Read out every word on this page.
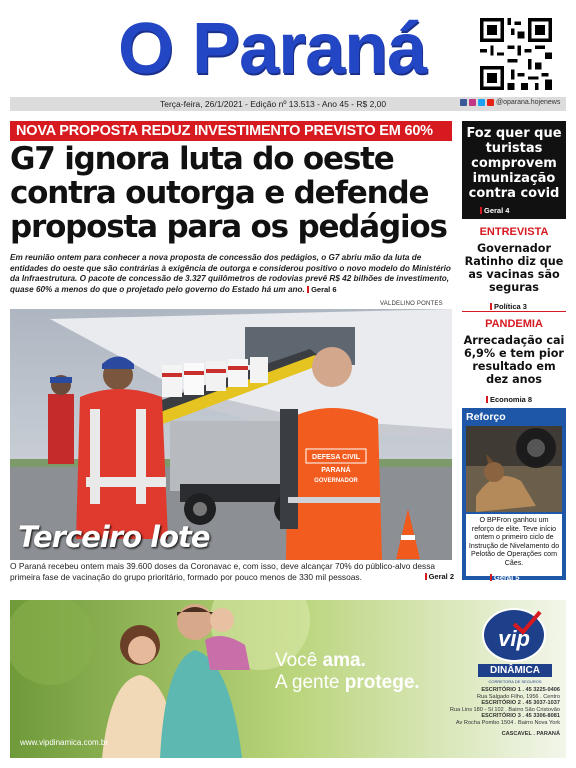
O Paraná
Terça-feira, 26/1/2021 - Edição nº 13.513 - Ano 45 - R$ 2,00	@oparana.hojenews
NOVA PROPOSTA REDUZ INVESTIMENTO PREVISTO EM 60%
G7 ignora luta do oeste contra outorga e defende proposta para os pedágios
Em reunião ontem para conhecer a nova proposta de concessão dos pedágios, o G7 abriu mão da luta de entidades do oeste que são contrárias à exigência de outorga e considerou positivo o novo modelo do Ministério da Infraestrutura. O pacote de concessão de 3.327 quilômetros de rodovias prevê R$ 42 bilhões de investimento, quase 60% a menos do que o projetado pelo governo do Estado há um ano. Geral 6
VALDELINO PONTES
DEFESA CIVIL
PARANÁ
GOVERNADOR
Terceiro lote
O Paraná recebeu ontem mais 39.600 doses da Coronavac e, com isso, deve alcançar 70% do público-alvo dessa primeira fase de vacinação do grupo prioritário, formado por pouco menos de 330 mil pessoas.	Geral 2
Foz quer que turistas comprovem imunização contra covid
Geral 4
ENTREVISTA
Governador Ratinho diz que as vacinas são seguras
Política 3
PANDEMIA
Arrecadação cai 6,9% e tem pior resultado em dez anos
Economia 8
Reforço
O BPFron ganhou um reforço de elite. Teve início ontem o primeiro ciclo de Instrução de Nivelamento do Pelotão de Operações com Cães.
Geral 5
Você ama.
A gente protege.
vip
DINÂMICA
CORRETORA DE SEGUROS
ESCRITÓRIO 1 . 45 3225-0406
Rua Salgado Filho, 1956 . Centro
ESCRITÓRIO 2 . 45 3037-1037
Rua Lins 180 - Sl 102 . Bairro São Cristovão
ESCRITÓRIO 3 . 45 3306-8081
Av Rocha Pombo 1504 . Bairro Nova York
CASCAVEL . PARANÁ
www.vipdinamica.com.br
